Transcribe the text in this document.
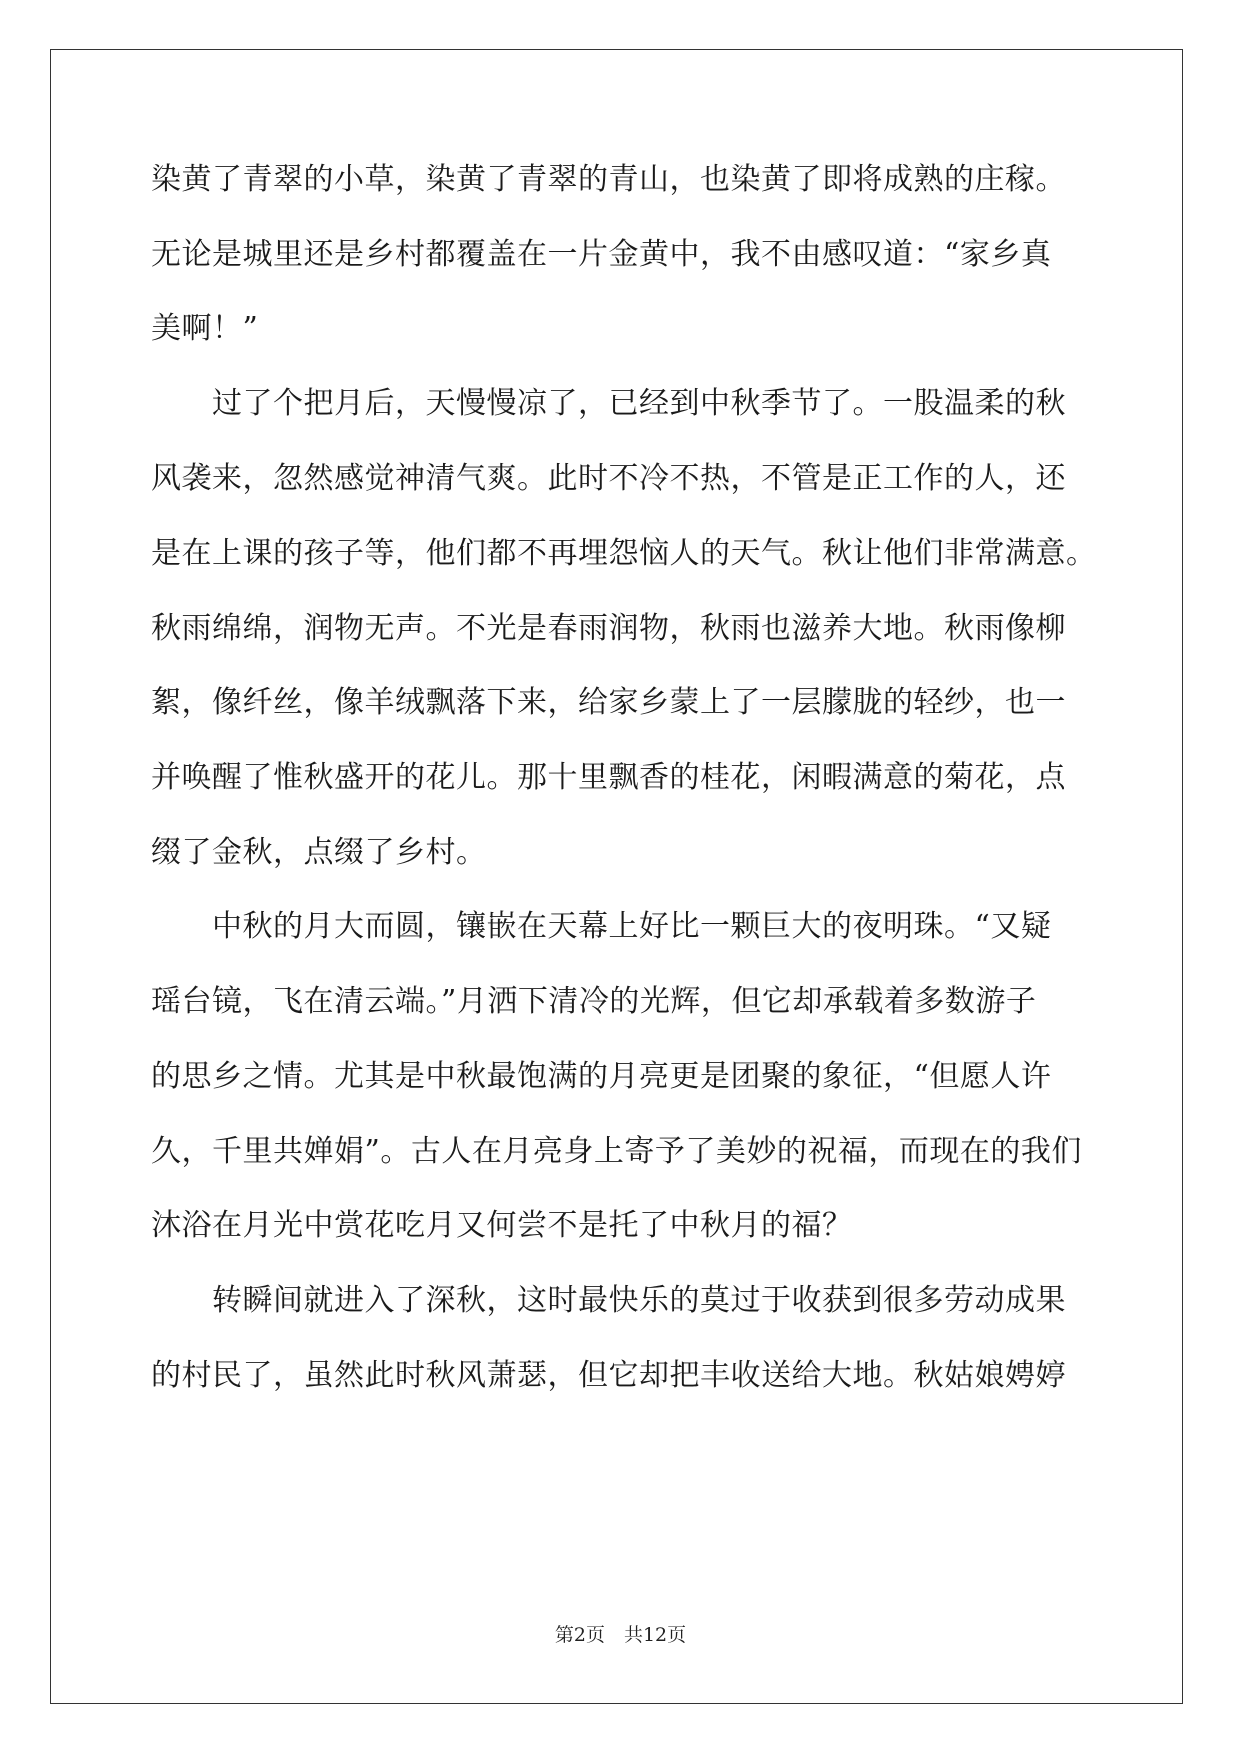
染黄了青翠的小草，染黄了青翠的青山，也染黄了即将成熟的庄稼。
无论是城里还是乡村都覆盖在一片金黄中，我不由感叹道：“家乡真
美啊！”
　　过了个把月后，天慢慢凉了，已经到中秋季节了。一股温柔的秋
风袭来，忽然感觉神清气爽。此时不冷不热，不管是正工作的人，还
是在上课的孩子等，他们都不再埋怨恼人的天气。秋让他们非常满意。
秋雨绵绵，润物无声。不光是春雨润物，秋雨也滋养大地。秋雨像柳
絮，像纤丝，像羊绒飘落下来，给家乡蒙上了一层朦胧的轻纱，也一
并唤醒了惟秋盛开的花儿。那十里飘香的桂花，闲暇满意的菊花，点
缀了金秋，点缀了乡村。
　　中秋的月大而圆，镶嵌在天幕上好比一颗巨大的夜明珠。“又疑
瑶台镜，飞在清云端。”月洒下清冷的光辉，但它却承载着多数游子
的思乡之情。尤其是中秋最饱满的月亮更是团聚的象征，“但愿人许
久，千里共婵娟”。古人在月亮身上寄予了美妙的祝福，而现在的我们
沐浴在月光中赏花吃月又何尝不是托了中秋月的福？
　　转瞬间就进入了深秋，这时最快乐的莫过于收获到很多劳动成果
的村民了，虽然此时秋风萧瑟，但它却把丰收送给大地。秋姑娘娉婷
第2页　共12页
